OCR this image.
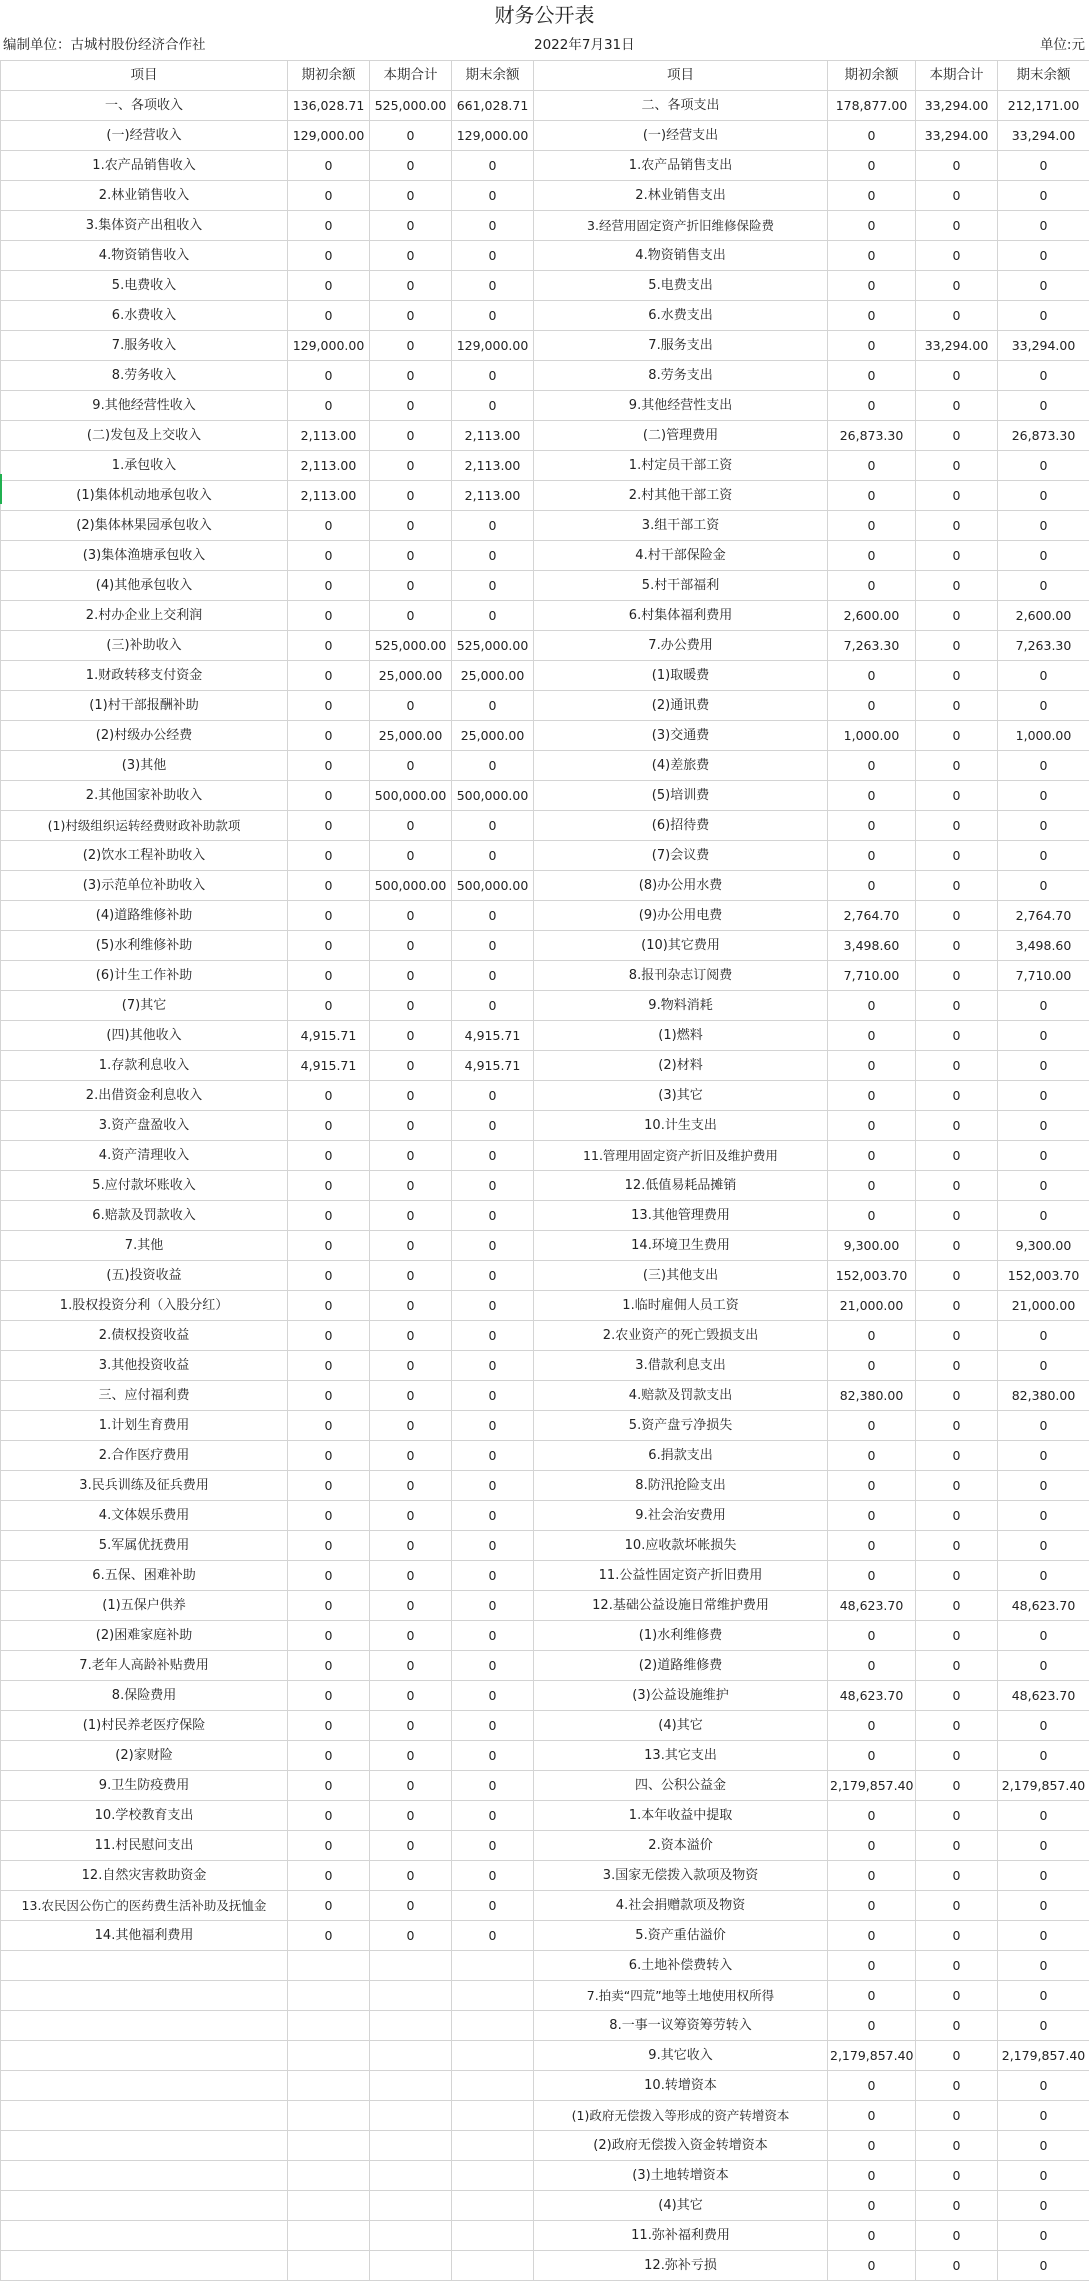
财务公开表
编制单位：古城村股份经济合作社	2022年7月31日	单位:元
项目	期初余额	本期合计	期末余额	项目	期初余额	本期合计	期末余额
一、各项收入	136,028.71	525,000.00	661,028.71	二、各项支出	178,877.00	33,294.00	212,171.00
(一)经营收入	129,000.00	0	129,000.00	(一)经营支出	0	33,294.00	33,294.00
1.农产品销售收入	0	0	0	1.农产品销售支出	0	0	0
2.林业销售收入	0	0	0	2.林业销售支出	0	0	0
3.集体资产出租收入	0	0	0	3.经营用固定资产折旧维修保险费	0	0	0
4.物资销售收入	0	0	0	4.物资销售支出	0	0	0
5.电费收入	0	0	0	5.电费支出	0	0	0
6.水费收入	0	0	0	6.水费支出	0	0	0
7.服务收入	129,000.00	0	129,000.00	7.服务支出	0	33,294.00	33,294.00
8.劳务收入	0	0	0	8.劳务支出	0	0	0
9.其他经营性收入	0	0	0	9.其他经营性支出	0	0	0
(二)发包及上交收入	2,113.00	0	2,113.00	(二)管理费用	26,873.30	0	26,873.30
1.承包收入	2,113.00	0	2,113.00	1.村定员干部工资	0	0	0
(1)集体机动地承包收入	2,113.00	0	2,113.00	2.村其他干部工资	0	0	0
(2)集体林果园承包收入	0	0	0	3.组干部工资	0	0	0
(3)集体渔塘承包收入	0	0	0	4.村干部保险金	0	0	0
(4)其他承包收入	0	0	0	5.村干部福利	0	0	0
2.村办企业上交利润	0	0	0	6.村集体福利费用	2,600.00	0	2,600.00
(三)补助收入	0	525,000.00	525,000.00	7.办公费用	7,263.30	0	7,263.30
1.财政转移支付资金	0	25,000.00	25,000.00	(1)取暖费	0	0	0
(1)村干部报酬补助	0	0	0	(2)通讯费	0	0	0
(2)村级办公经费	0	25,000.00	25,000.00	(3)交通费	1,000.00	0	1,000.00
(3)其他	0	0	0	(4)差旅费	0	0	0
2.其他国家补助收入	0	500,000.00	500,000.00	(5)培训费	0	0	0
(1)村级组织运转经费财政补助款项	0	0	0	(6)招待费	0	0	0
(2)饮水工程补助收入	0	0	0	(7)会议费	0	0	0
(3)示范单位补助收入	0	500,000.00	500,000.00	(8)办公用水费	0	0	0
(4)道路维修补助	0	0	0	(9)办公用电费	2,764.70	0	2,764.70
(5)水利维修补助	0	0	0	(10)其它费用	3,498.60	0	3,498.60
(6)计生工作补助	0	0	0	8.报刊杂志订阅费	7,710.00	0	7,710.00
(7)其它	0	0	0	9.物料消耗	0	0	0
(四)其他收入	4,915.71	0	4,915.71	(1)燃料	0	0	0
1.存款利息收入	4,915.71	0	4,915.71	(2)材料	0	0	0
2.出借资金利息收入	0	0	0	(3)其它	0	0	0
3.资产盘盈收入	0	0	0	10.计生支出	0	0	0
4.资产清理收入	0	0	0	11.管理用固定资产折旧及维护费用	0	0	0
5.应付款坏账收入	0	0	0	12.低值易耗品摊销	0	0	0
6.赔款及罚款收入	0	0	0	13.其他管理费用	0	0	0
7.其他	0	0	0	14.环境卫生费用	9,300.00	0	9,300.00
(五)投资收益	0	0	0	(三)其他支出	152,003.70	0	152,003.70
1.股权投资分利（入股分红）	0	0	0	1.临时雇佣人员工资	21,000.00	0	21,000.00
2.债权投资收益	0	0	0	2.农业资产的死亡毁损支出	0	0	0
3.其他投资收益	0	0	0	3.借款利息支出	0	0	0
三、应付福利费	0	0	0	4.赔款及罚款支出	82,380.00	0	82,380.00
1.计划生育费用	0	0	0	5.资产盘亏净损失	0	0	0
2.合作医疗费用	0	0	0	6.捐款支出	0	0	0
3.民兵训练及征兵费用	0	0	0	8.防汛抢险支出	0	0	0
4.文体娱乐费用	0	0	0	9.社会治安费用	0	0	0
5.军属优抚费用	0	0	0	10.应收款坏帐损失	0	0	0
6.五保、困难补助	0	0	0	11.公益性固定资产折旧费用	0	0	0
(1)五保户供养	0	0	0	12.基础公益设施日常维护费用	48,623.70	0	48,623.70
(2)困难家庭补助	0	0	0	(1)水利维修费	0	0	0
7.老年人高龄补贴费用	0	0	0	(2)道路维修费	0	0	0
8.保险费用	0	0	0	(3)公益设施维护	48,623.70	0	48,623.70
(1)村民养老医疗保险	0	0	0	(4)其它	0	0	0
(2)家财险	0	0	0	13.其它支出	0	0	0
9.卫生防疫费用	0	0	0	四、公积公益金	2,179,857.40	0	2,179,857.40
10.学校教育支出	0	0	0	1.本年收益中提取	0	0	0
11.村民慰问支出	0	0	0	2.资本溢价	0	0	0
12.自然灾害救助资金	0	0	0	3.国家无偿拨入款项及物资	0	0	0
13.农民因公伤亡的医药费生活补助及抚恤金	0	0	0	4.社会捐赠款项及物资	0	0	0
14.其他福利费用	0	0	0	5.资产重估溢价	0	0	0
				6.土地补偿费转入	0	0	0
				7.拍卖“四荒”地等土地使用权所得	0	0	0
				8.一事一议筹资筹劳转入	0	0	0
				9.其它收入	2,179,857.40	0	2,179,857.40
				10.转增资本	0	0	0
				(1)政府无偿拨入等形成的资产转增资本	0	0	0
				(2)政府无偿拨入资金转增资本	0	0	0
				(3)土地转增资本	0	0	0
				(4)其它	0	0	0
				11.弥补福利费用	0	0	0
				12.弥补亏损	0	0	0
